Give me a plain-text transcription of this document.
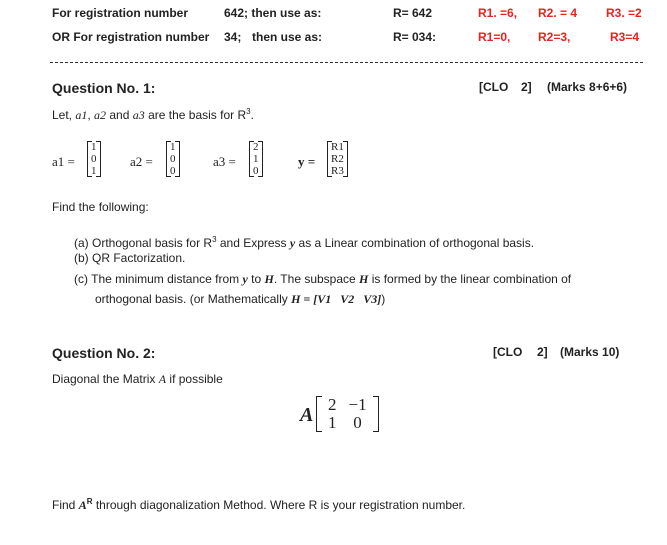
For registration number	642; then use as:	R= 642	R1. =6, R2. = 4 R3. =2
OR For registration number 34; then use as:	R= 034:	R1=0, R2=3,	R3=4
Question No. 1:	[CLO 2] (Marks 8+6+6)
Let, a1, a2 and a3 are the basis for $R^3$.
a1 =
1
0
1
a2 =
1
0
0
a3 =
2
1
0
y =
R1
R2
R3
Find the following:
(a) Orthogonal basis for $R^3$ and Express y as a Linear combination of orthogonal basis.
(b) QR Factorization.
(c) The minimum distance from y to H. The subspace H is formed by the linear combination of
orthogonal basis. (or Mathematically H = [V1   V2   V3])
Question No. 2:	[CLO 2] (Marks 10)
Diagonal the Matrix A if possible
A 2	−1
1	0
Find $A^R$ through diagonalization Method. Where R is your registration number.
